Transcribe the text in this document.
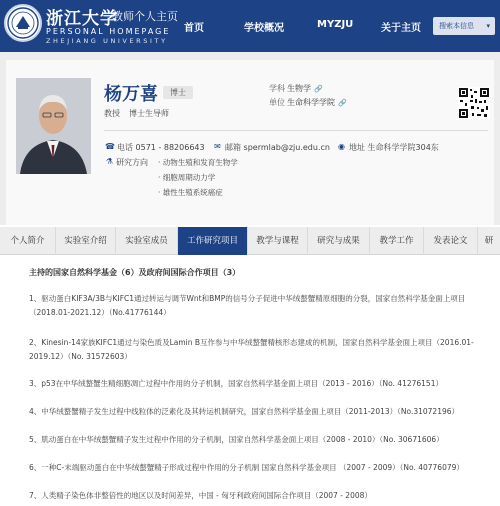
浙江大学
教师个人主页
PERSONAL HOMEPAGE
ZHEJIANG UNIVERSITY
首页	学校概况	MYZJU	关于主页	搜索本信息 ▾
杨万喜	博士
教授 博士生导师
学科 生物学 🔗
单位 生命科学学院 🔗
☎ 电话 0571 - 88206643 ✉ 邮箱 spermlab@zju.edu.cn ◉ 地址 生命科学学院304东
⚗ 研究方向 · 动物生殖和发育生物学
· 细胞周期动力学
· 雄性生殖系统癌症
个人简介	实验室介绍	实验室成员	工作研究项目	教学与课程	研究与成果	教学工作	发表论文	研
主持的国家自然科学基金（6）及政府间国际合作项目（3）
1、驱动蛋白KIF3A/3B与KIFC1通过转运与调节Wnt和BMP的信号分子促进中华绒螯蟹精原细胞的分裂，国家自然科学基金面上项目
（2018.01-2021.12）（No.41776144）
2、Kinesin-14家族KIFC1通过与染色质及Lamin B互作参与中华绒螯蟹精核形态建成的机制，国家自然科学基金面上项目（2016.01-
2019.12）（No. 31572603）
3、p53在中华绒螯蟹生精细胞凋亡过程中作用的分子机制，国家自然科学基金面上项目（2013 - 2016）（No. 41276151）
4、中华绒螯蟹精子发生过程中线粒体的泛素化及其转运机制研究，国家自然科学基金面上项目（2011-2013）（No.31072196）
5、肌动蛋白在中华绒螯蟹精子发生过程中作用的分子机制，国家自然科学基金面上项目（2008 - 2010）（No. 30671606）
6、一种C-末端驱动蛋白在中华绒螯蟹精子形成过程中作用的分子机制 国家自然科学基金项目 （2007 - 2009）（No. 40776079）
7、人类精子染色体非整倍性的地区以及时间差异，中国 - 匈牙利政府间国际合作项目（2007 - 2008）
